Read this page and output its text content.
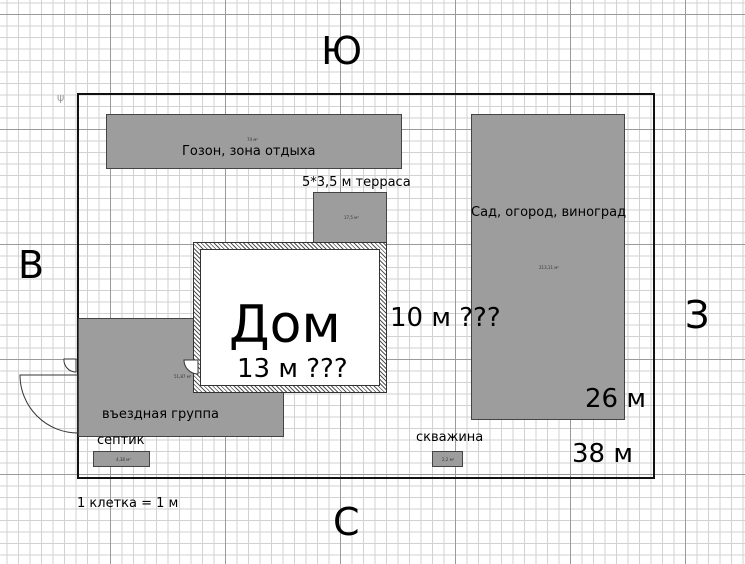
Ю
С
В
З
ψ
74 м²
Гозон, зона отдыха
5*3,5 м терраса
17,5 м²	Сад, огород, виноград
213,11 м²
51,87 м²
въездная группа
Дом
13 м ???
10 м ???
септик
4,38 м²
скважина
2,2 м²
26 м
38 м
1 клетка = 1 м
